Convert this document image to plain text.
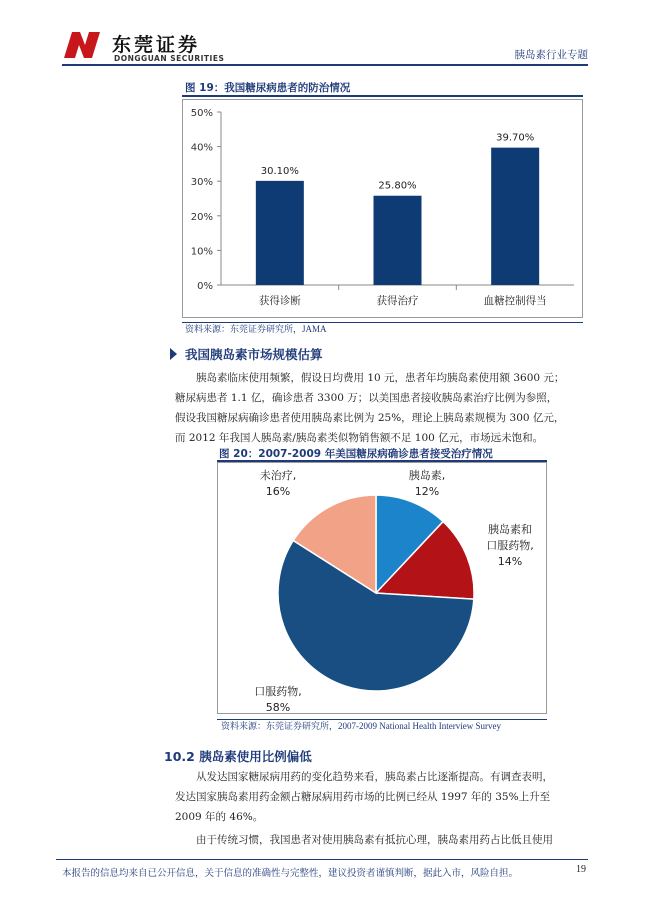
东莞证券
DONGGUAN SECURITIES	胰岛素行业专题
图 19：我国糖尿病患者的防治情况
0%
10%
20%
30%
40%
50%
30.10%
获得诊断
25.80%
获得治疗
39.70%
血糖控制得当
资料来源：东莞证券研究所，JAMA
我国胰岛素市场规模估算
胰岛素临床使用频繁，假设日均费用 10 元，患者年均胰岛素使用额 3600 元；
糖尿病患者 1.1 亿，确诊患者 3300 万；以美国患者接收胰岛素治疗比例为参照，
假设我国糖尿病确诊患者使用胰岛素比例为 25%，理论上胰岛素规模为 300 亿元，
而 2012 年我国人胰岛素/胰岛素类似物销售额不足 100 亿元，市场远未饱和。
图 20：2007-2009 年美国糖尿病确诊患者接受治疗情况
胰岛素,
12%
胰岛素和
口服药物,
14%
口服药物,
58%
未治疗,
16%
资料来源：东莞证券研究所，2007-2009 National Health Interview Survey
10.2 胰岛素使用比例偏低
从发达国家糖尿病用药的变化趋势来看，胰岛素占比逐渐提高。有调查表明，
发达国家胰岛素用药金额占糖尿病用药市场的比例已经从 1997 年的 35%上升至
2009 年的 46%。
由于传统习惯，我国患者对使用胰岛素有抵抗心理，胰岛素用药占比低且使用
本报告的信息均来自已公开信息，关于信息的准确性与完整性，建议投资者谨慎判断，据此入市，风险自担。	19
